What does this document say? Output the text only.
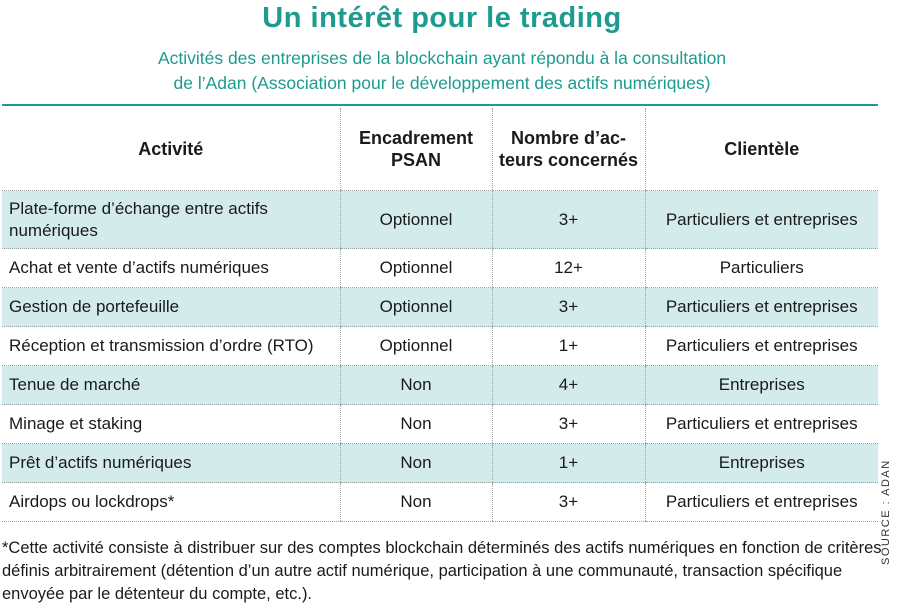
Un intérêt pour le trading
Activités des entreprises de la blockchain ayant répondu à la consultation
de l’Adan (Association pour le développement des actifs numériques)
Activité	Encadrement PSAN	Nombre d’ac-teurs concernés	Clientèle
Plate-forme d’échange entre actifs numériques	Optionnel	3+	Particuliers et entreprises
Achat et vente d’actifs numériques	Optionnel	12+	Particuliers
Gestion de portefeuille	Optionnel	3+	Particuliers et entreprises
Réception et transmission d’ordre (RTO)	Optionnel	1+	Particuliers et entreprises
Tenue de marché	Non	4+	Entreprises
Minage et staking	Non	3+	Particuliers et entreprises
Prêt d’actifs numériques	Non	1+	Entreprises
Airdops ou lockdrops*	Non	3+	Particuliers et entreprises
*Cette activité consiste à distribuer sur des comptes blockchain déterminés des actifs numériques en fonction de critères définis arbitrairement (détention d’un autre actif numérique, participation à une communauté, transaction spécifique envoyée par le détenteur du compte, etc.).
SOURCE : ADAN
